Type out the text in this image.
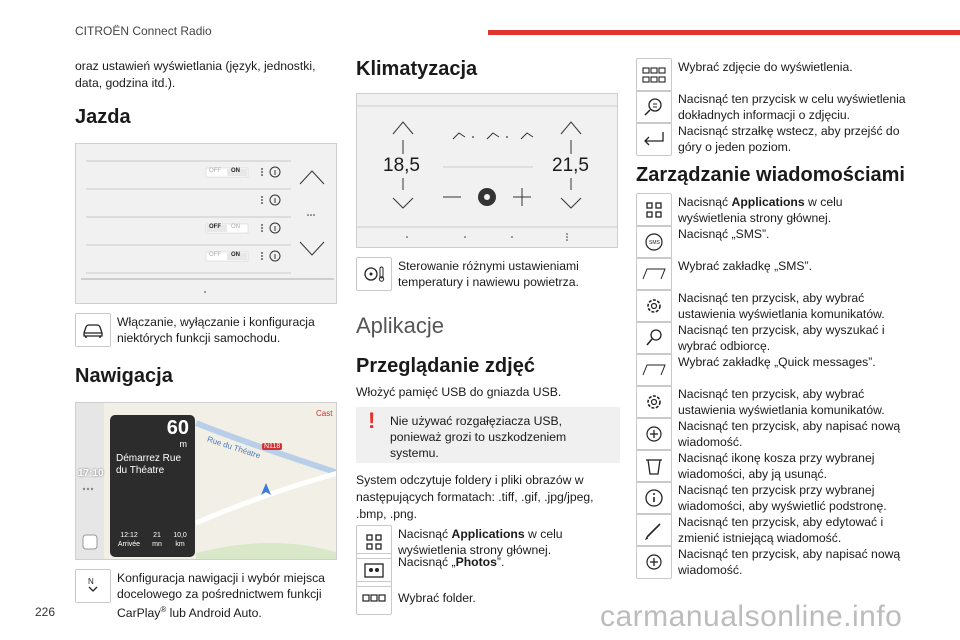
CITROËN Connect Radio

oraz ustawień wyświetlania (język, jednostki, data, godzina itd.).

Jazda
OFF ON
OFF ON
OFF ON
Włączanie, wyłączanie i konfiguracja niektórych funkcji samochodu.
Nawigacja
17:10
Rue du Théatre N118
Cast
60
m
Démarrez Rue du Théatre
12:12
Arrivée
21
mn
10,0
km
N Konfiguracja nawigacji i wybór miejsca docelowego za pośrednictwem funkcji CarPlay® lub Android Auto.
Klimatyzacja
18,5	21,5
Sterowanie różnymi ustawieniami temperatury i nawiewu powietrza.
Aplikacje
Przeglądanie zdjęć

Włożyć pamięć USB do gniazda USB.

!	Nie używać rozgałęziacza USB, ponieważ grozi to uszkodzeniem systemu.

System odczytuje foldery i pliki obrazów w następujących formatach: .tiff, .gif, .jpg/jpeg, .bmp, .png.

Nacisnąć Applications w celu wyświetlenia strony głównej.
Nacisnąć „Photos”.
Wybrać folder.
Wybrać zdjęcie do wyświetlenia.
Nacisnąć ten przycisk w celu wyświetlenia dokładnych informacji o zdjęciu.
Nacisnąć strzałkę wstecz, aby przejść do góry o jeden poziom.
Zarządzanie wiadomościami
Nacisnąć Applications w celu wyświetlenia strony głównej.
SMS
Nacisnąć „SMS”.
Wybrać zakładkę „SMS”.
Nacisnąć ten przycisk, aby wybrać ustawienia wyświetlania komunikatów.
Nacisnąć ten przycisk, aby wyszukać i wybrać odbiorcę.
Wybrać zakładkę „Quick messages”.
Nacisnąć ten przycisk, aby wybrać ustawienia wyświetlania komunikatów.
Nacisnąć ten przycisk, aby napisać nową wiadomość.
Nacisnąć ikonę kosza przy wybranej wiadomości, aby ją usunąć.
Nacisnąć ten przycisk przy wybranej wiadomości, aby wyświetlić podstronę.
Nacisnąć ten przycisk, aby edytować i zmienić istniejącą wiadomość.
Nacisnąć ten przycisk, aby napisać nową wiadomość.
226	carmanualsonline.info
